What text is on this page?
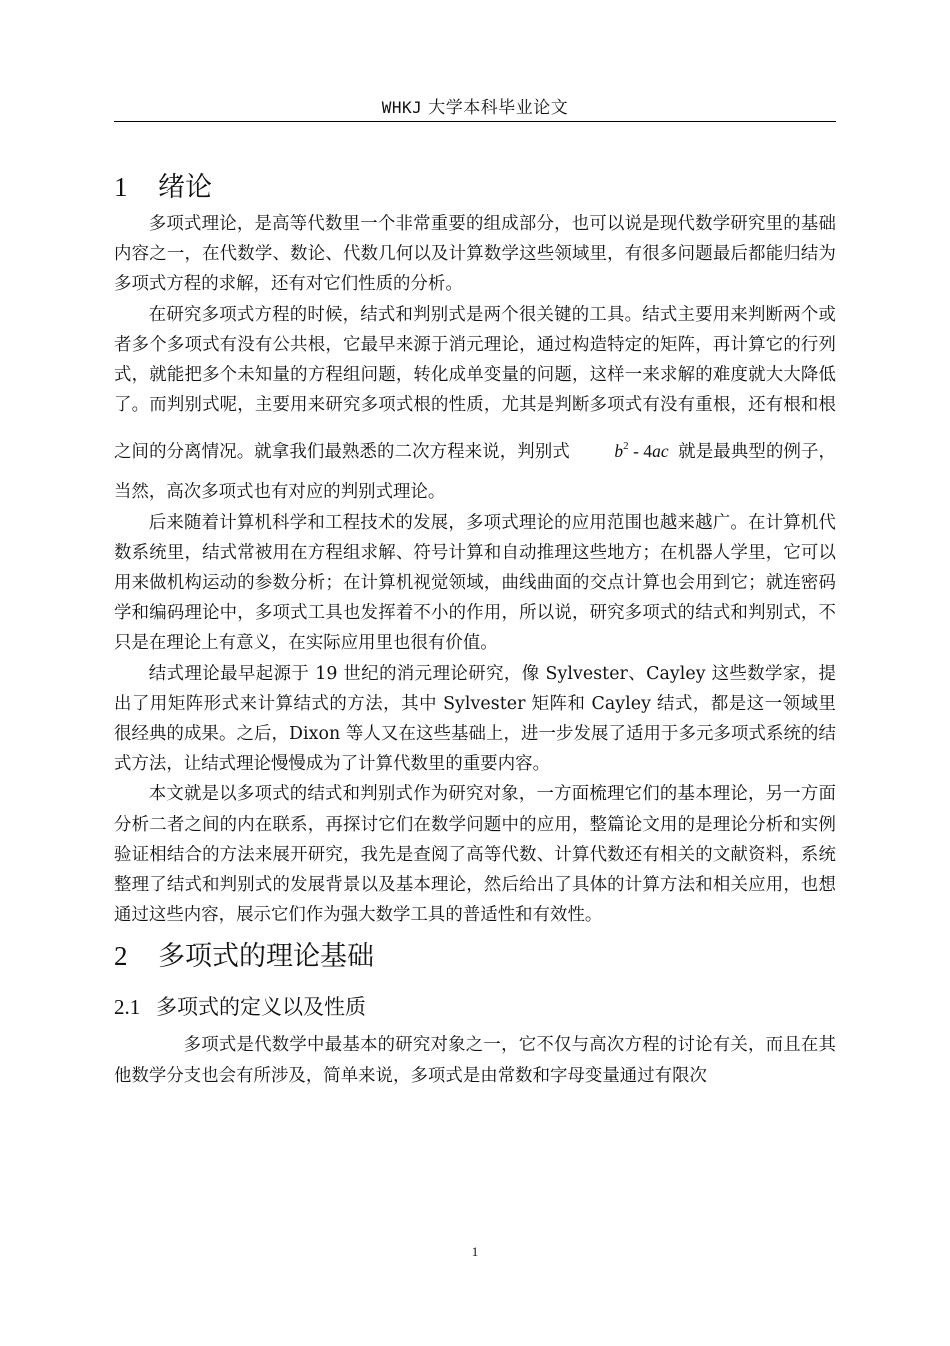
WHKJ 大学本科毕业论文
1 绪论

多项式理论，是高等代数里一个非常重要的组成部分，也可以说是现代数学研究里的基础内容之一，在代数学、数论、代数几何以及计算数学这些领域里，有很多问题最后都能归结为多项式方程的求解，还有对它们性质的分析。

在研究多项式方程的时候，结式和判别式是两个很关键的工具。结式主要用来判断两个或者多个多项式有没有公共根，它最早来源于消元理论，通过构造特定的矩阵，再计算它的行列式，就能把多个未知量的方程组问题，转化成单变量的问题，这样一来求解的难度就大大降低了。而判别式呢，主要用来研究多项式根的性质，尤其是判断多项式有没有重根，还有根和根之间的分离情况。就拿我们最熟悉的二次方程来说，判别式	$b^2 - 4ac$ 就是最典型的例子，当然，高次多项式也有对应的判别式理论。

后来随着计算机科学和工程技术的发展，多项式理论的应用范围也越来越广。在计算机代数系统里，结式常被用在方程组求解、符号计算和自动推理这些地方；在机器人学里，它可以用来做机构运动的参数分析；在计算机视觉领域，曲线曲面的交点计算也会用到它；就连密码学和编码理论中，多项式工具也发挥着不小的作用，所以说，研究多项式的结式和判别式，不只是在理论上有意义，在实际应用里也很有价值。

结式理论最早起源于 19 世纪的消元理论研究，像 Sylvester、Cayley 这些数学家，提出了用矩阵形式来计算结式的方法，其中 Sylvester 矩阵和 Cayley 结式，都是这一领域里很经典的成果。之后，Dixon 等人又在这些基础上，进一步发展了适用于多元多项式系统的结式方法，让结式理论慢慢成为了计算代数里的重要内容。

本文就是以多项式的结式和判别式作为研究对象，一方面梳理它们的基本理论，另一方面分析二者之间的内在联系，再探讨它们在数学问题中的应用，整篇论文用的是理论分析和实例验证相结合的方法来展开研究，我先是查阅了高等代数、计算代数还有相关的文献资料，系统整理了结式和判别式的发展背景以及基本理论，然后给出了具体的计算方法和相关应用，也想通过这些内容，展示它们作为强大数学工具的普适性和有效性。

2 多项式的理论基础
2.1 多项式的定义以及性质

多项式是代数学中最基本的研究对象之一，它不仅与高次方程的讨论有关，而且在其他数学分支也会有所涉及，简单来说，多项式是由常数和字母变量通过有限次

1
